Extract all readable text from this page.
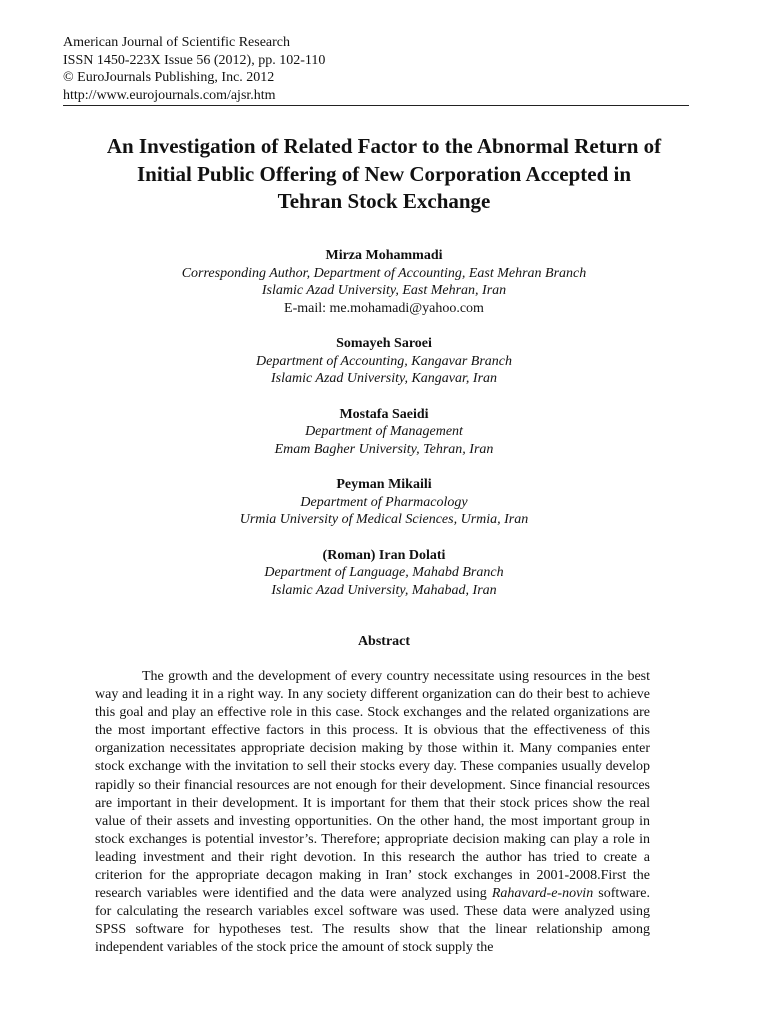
American Journal of Scientific Research
ISSN 1450-223X Issue 56 (2012), pp. 102-110
© EuroJournals Publishing, Inc. 2012
http://www.eurojournals.com/ajsr.htm
An Investigation of Related Factor to the Abnormal Return of
Initial Public Offering of New Corporation Accepted in
Tehran Stock Exchange
Mirza Mohammadi
Corresponding Author, Department of Accounting, East Mehran Branch
Islamic Azad University, East Mehran, Iran
E-mail: me.mohamadi@yahoo.com
Somayeh Saroei
Department of Accounting, Kangavar Branch
Islamic Azad University, Kangavar, Iran
Mostafa Saeidi
Department of Management
Emam Bagher University, Tehran, Iran
Peyman Mikaili
Department of Pharmacology
Urmia University of Medical Sciences, Urmia, Iran
(Roman) Iran Dolati
Department of Language, Mahabd Branch
Islamic Azad University, Mahabad, Iran
Abstract

The growth and the development of every country necessitate using resources in the best way and leading it in a right way. In any society different organization can do their best to achieve this goal and play an effective role in this case. Stock exchanges and the related organizations are the most important effective factors in this process. It is obvious that the effectiveness of this organization necessitates appropriate decision making by those within it. Many companies enter stock exchange with the invitation to sell their stocks every day. These companies usually develop rapidly so their financial resources are not enough for their development. Since financial resources are important in their development. It is important for them that their stock prices show the real value of their assets and investing opportunities. On the other hand, the most important group in stock exchanges is potential investor’s. Therefore; appropriate decision making can play a role in leading investment and their right devotion. In this research the author has tried to create a criterion for the appropriate decagon making in Iran’ stock exchanges in 2001-2008.First the research variables were identified and the data were analyzed using Rahavard-e-novin software. for calculating the research variables excel software was used. These data were analyzed using SPSS software for hypotheses test. The results show that the linear relationship among independent variables of the stock price the amount of stock supply the
